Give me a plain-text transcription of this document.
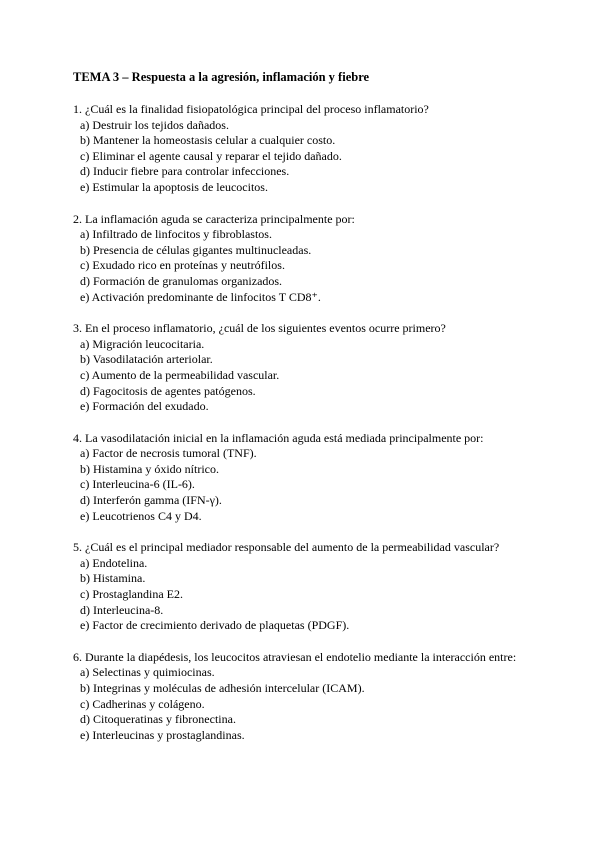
TEMA 3 – Respuesta a la agresión, inflamación y fiebre
1. ¿Cuál es la finalidad fisiopatológica principal del proceso inflamatorio?
a) Destruir los tejidos dañados.
b) Mantener la homeostasis celular a cualquier costo.
c) Eliminar el agente causal y reparar el tejido dañado.
d) Inducir fiebre para controlar infecciones.
e) Estimular la apoptosis de leucocitos.
2. La inflamación aguda se caracteriza principalmente por:
a) Infiltrado de linfocitos y fibroblastos.
b) Presencia de células gigantes multinucleadas.
c) Exudado rico en proteínas y neutrófilos.
d) Formación de granulomas organizados.
e) Activación predominante de linfocitos T CD8⁺.
3. En el proceso inflamatorio, ¿cuál de los siguientes eventos ocurre primero?
a) Migración leucocitaria.
b) Vasodilatación arteriolar.
c) Aumento de la permeabilidad vascular.
d) Fagocitosis de agentes patógenos.
e) Formación del exudado.
4. La vasodilatación inicial en la inflamación aguda está mediada principalmente por:
a) Factor de necrosis tumoral (TNF).
b) Histamina y óxido nítrico.
c) Interleucina-6 (IL-6).
d) Interferón gamma (IFN-γ).
e) Leucotrienos C4 y D4.
5. ¿Cuál es el principal mediador responsable del aumento de la permeabilidad vascular?
a) Endotelina.
b) Histamina.
c) Prostaglandina E2.
d) Interleucina-8.
e) Factor de crecimiento derivado de plaquetas (PDGF).
6. Durante la diapédesis, los leucocitos atraviesan el endotelio mediante la interacción entre:
a) Selectinas y quimiocinas.
b) Integrinas y moléculas de adhesión intercelular (ICAM).
c) Cadherinas y colágeno.
d) Citoqueratinas y fibronectina.
e) Interleucinas y prostaglandinas.
